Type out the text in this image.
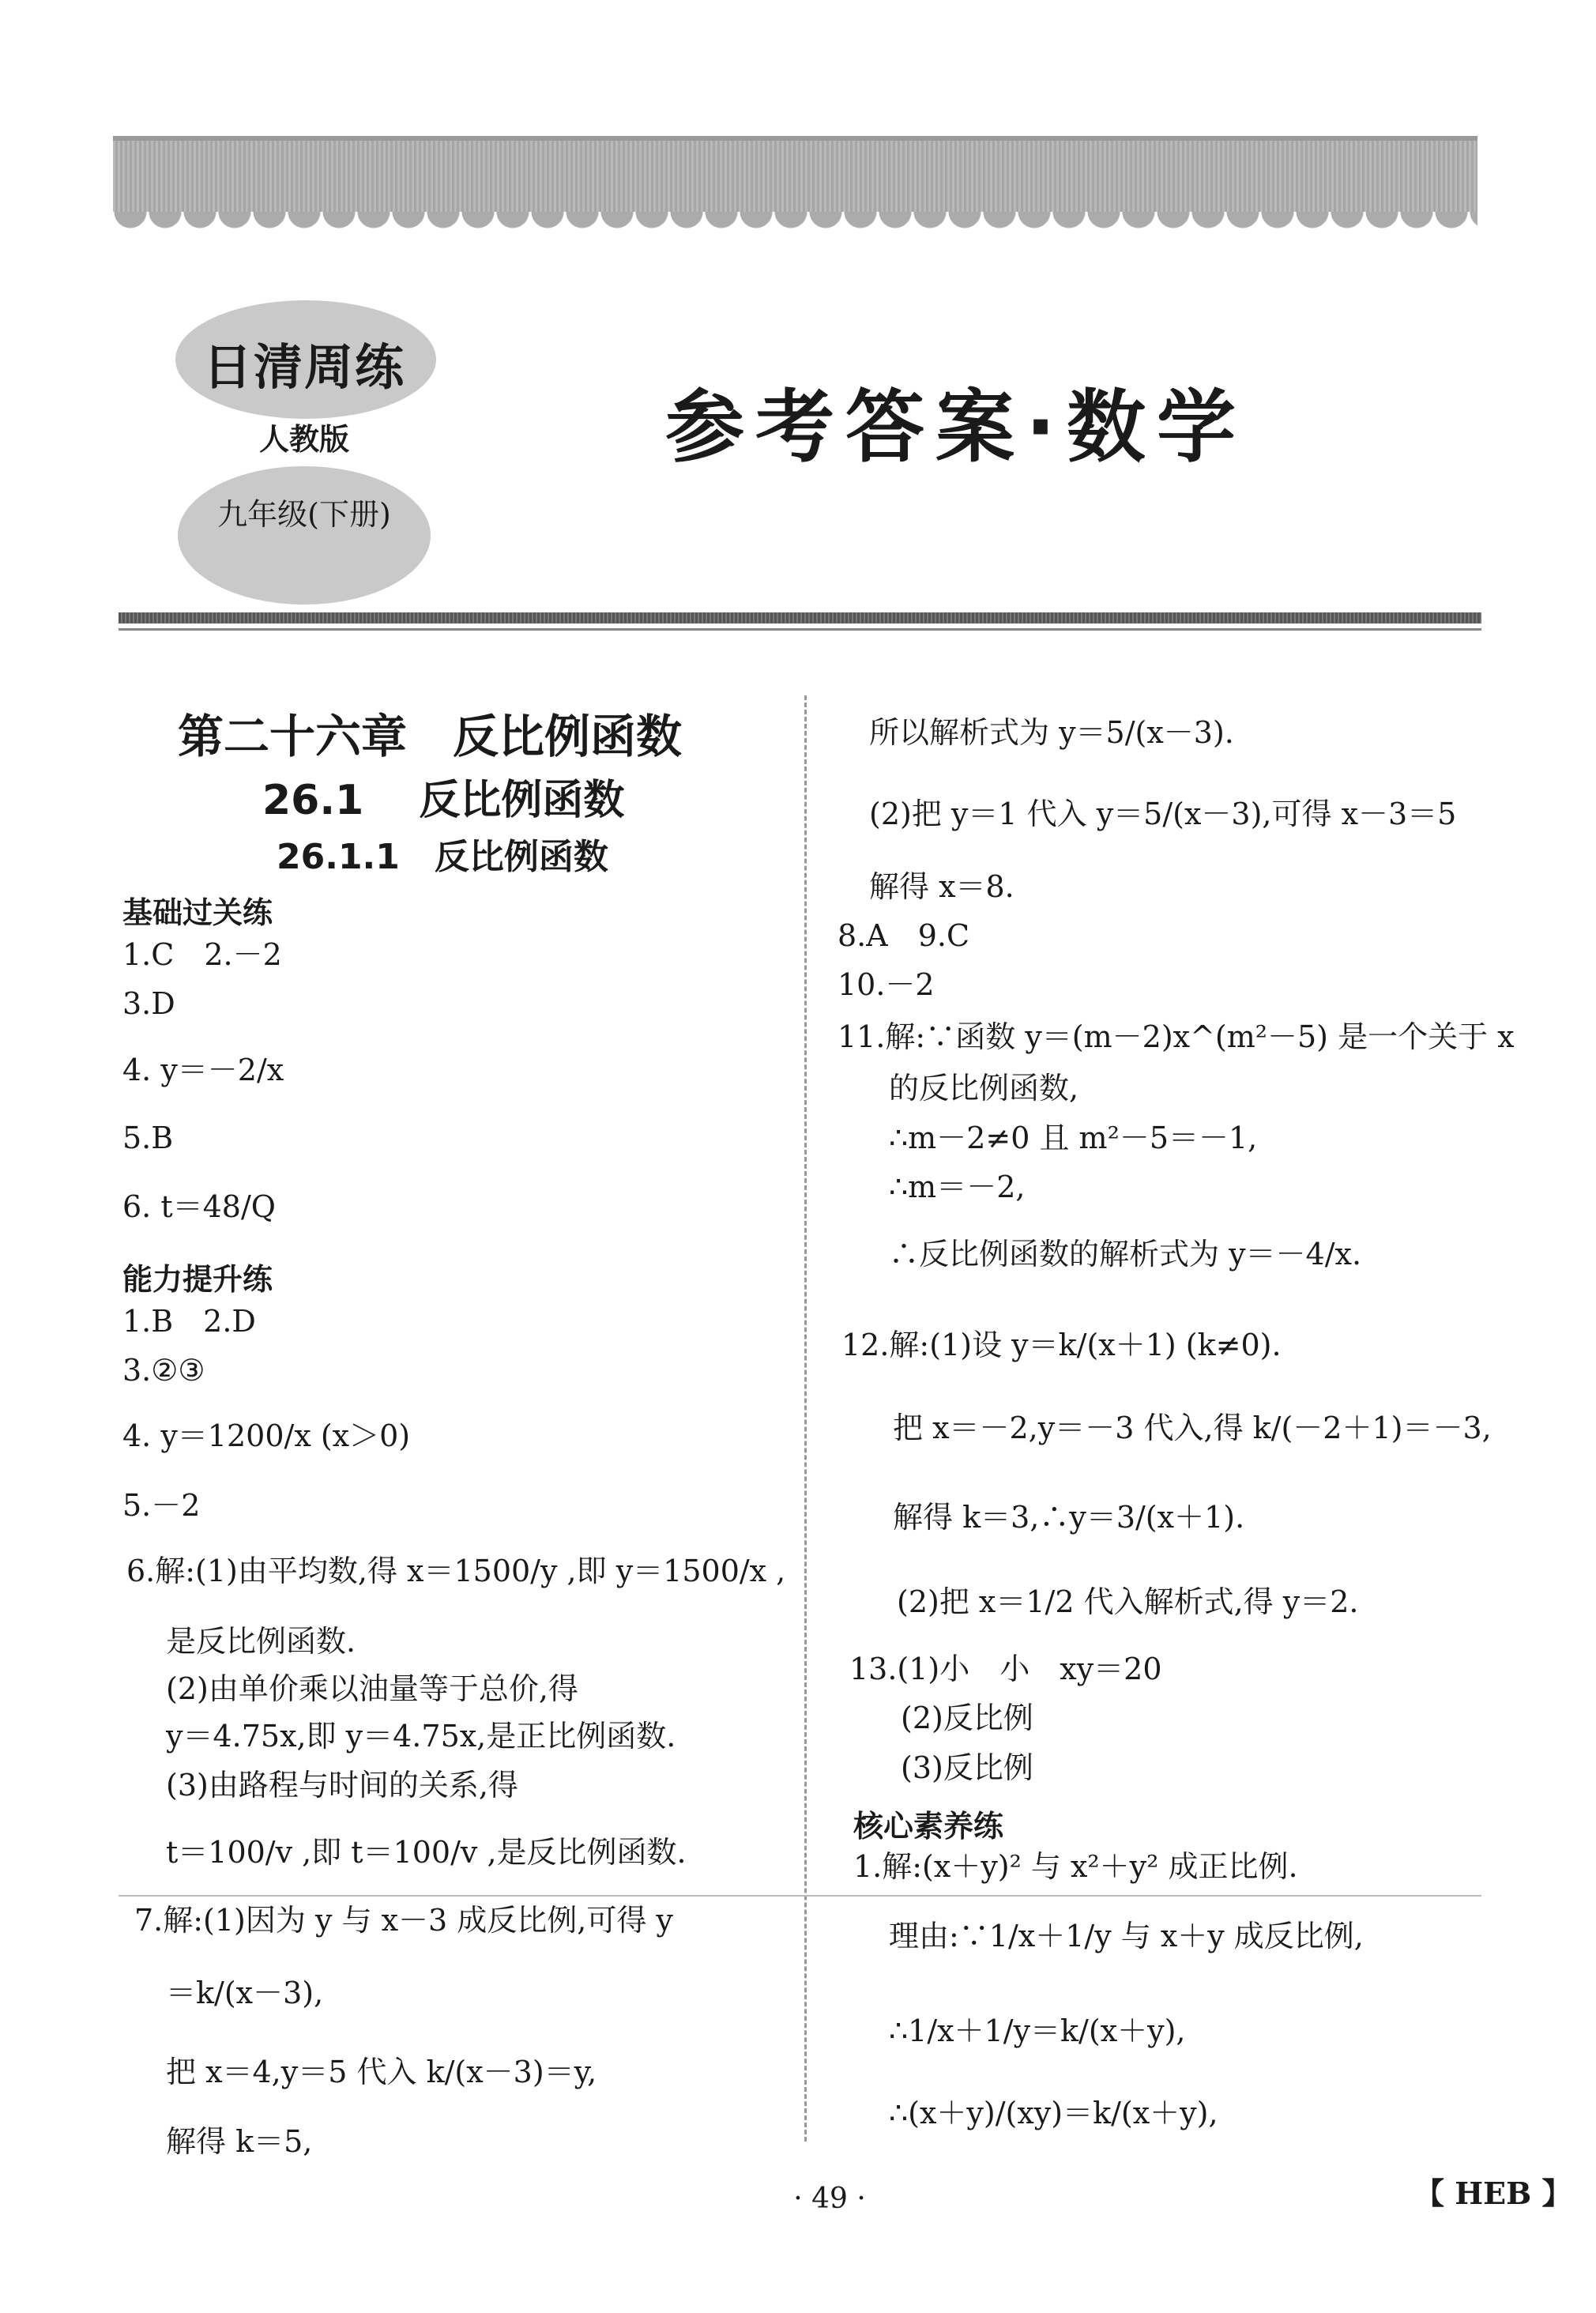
日清周练
人教版
九年级(下册)
参考答案·数学
第二十六章　反比例函数
26.1　 反比例函数
26.1.1　反比例函数
基础过关练
1.C　2.－2
3.D
4. y＝－2/x
5.B
6. t＝48/Q
能力提升练
1.B　2.D
3.②③
4. y＝1200/x (x＞0)
5.－2
6.解:(1)由平均数,得 x＝1500/y ,即 y＝1500/x ,
是反比例函数.
(2)由单价乘以油量等于总价,得
y＝4.75x,即 y＝4.75x,是正比例函数.
(3)由路程与时间的关系,得
t＝100/v ,即 t＝100/v ,是反比例函数.
7.解:(1)因为 y 与 x－3 成反比例,可得 y
＝k/(x－3),
把 x＝4,y＝5 代入 k/(x－3)＝y,
解得 k＝5,
所以解析式为 y＝5/(x－3).
(2)把 y＝1 代入 y＝5/(x－3),可得 x－3＝5
解得 x＝8.
8.A　9.C
10.－2
11.解:∵函数 y＝(m－2)x^(m²－5) 是一个关于 x
的反比例函数,
∴m－2≠0 且 m²－5＝－1,
∴m＝－2,
∴反比例函数的解析式为 y＝－4/x.
12.解:(1)设 y＝k/(x＋1) (k≠0).
把 x＝－2,y＝－3 代入,得 k/(－2＋1)＝－3,
解得 k＝3,∴y＝3/(x＋1).
(2)把 x＝1/2 代入解析式,得 y＝2.
13.(1)小　小　xy＝20
(2)反比例
(3)反比例
核心素养练
1.解:(x＋y)² 与 x²＋y² 成正比例.
理由:∵1/x＋1/y 与 x＋y 成反比例,
∴1/x＋1/y＝k/(x＋y),
∴(x＋y)/(xy)＝k/(x＋y),
· 49 ·	【 HEB 】
